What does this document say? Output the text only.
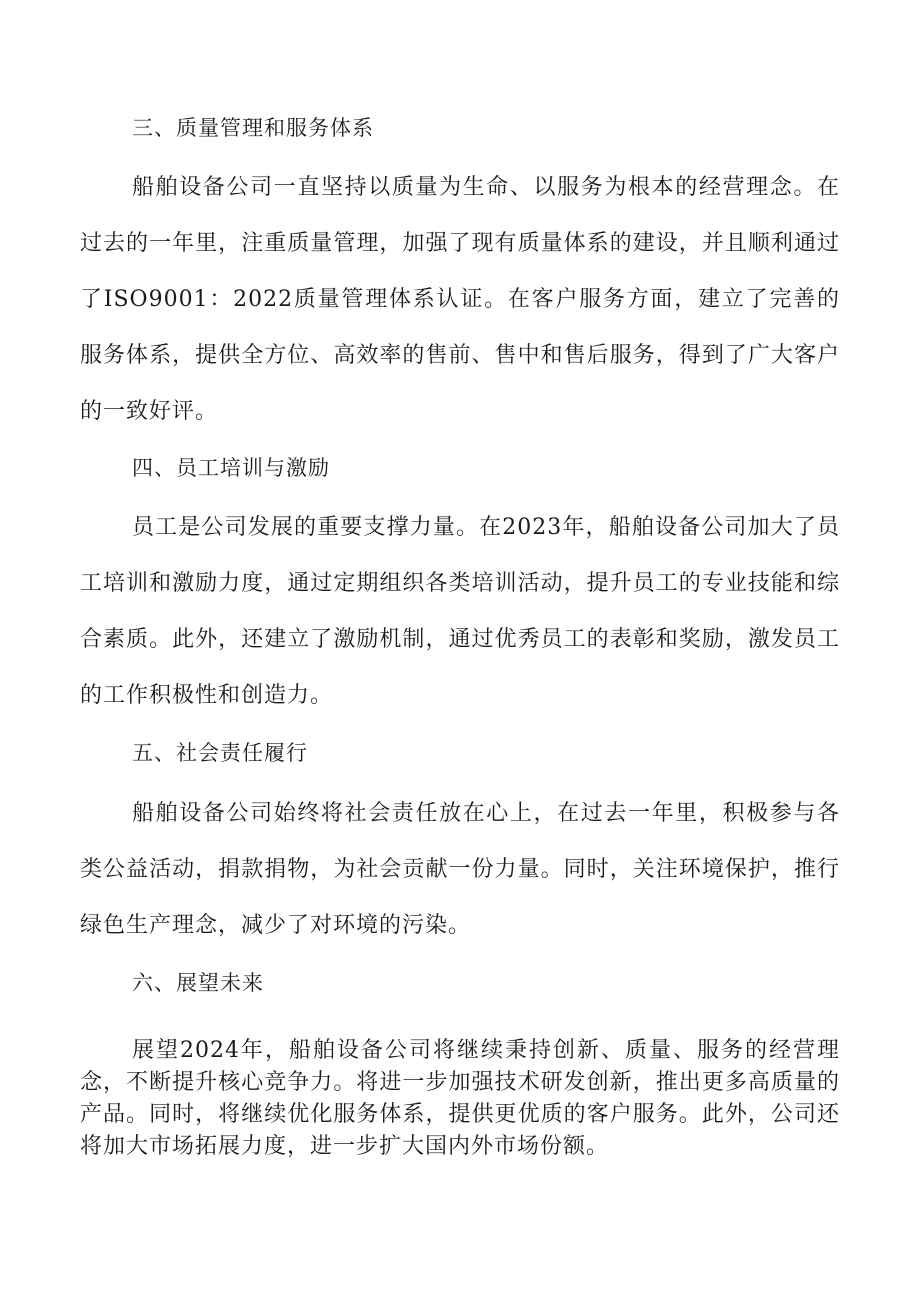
三、质量管理和服务体系

船舶设备公司一直坚持以质量为生命、以服务为根本的经营理念。在过去的一年里，注重质量管理，加强了现有质量体系的建设，并且顺利通过了ISO9001：2022质量管理体系认证。在客户服务方面，建立了完善的服务体系，提供全方位、高效率的售前、售中和售后服务，得到了广大客户的一致好评。

四、员工培训与激励

员工是公司发展的重要支撑力量。在2023年，船舶设备公司加大了员工培训和激励力度，通过定期组织各类培训活动，提升员工的专业技能和综合素质。此外，还建立了激励机制，通过优秀员工的表彰和奖励，激发员工的工作积极性和创造力。

五、社会责任履行

船舶设备公司始终将社会责任放在心上，在过去一年里，积极参与各类公益活动，捐款捐物，为社会贡献一份力量。同时，关注环境保护，推行绿色生产理念，减少了对环境的污染。

六、展望未来

展望2024年，船舶设备公司将继续秉持创新、质量、服务的经营理念，不断提升核心竞争力。将进一步加强技术研发创新，推出更多高质量的产品。同时，将继续优化服务体系，提供更优质的客户服务。此外，公司还将加大市场拓展力度，进一步扩大国内外市场份额。
